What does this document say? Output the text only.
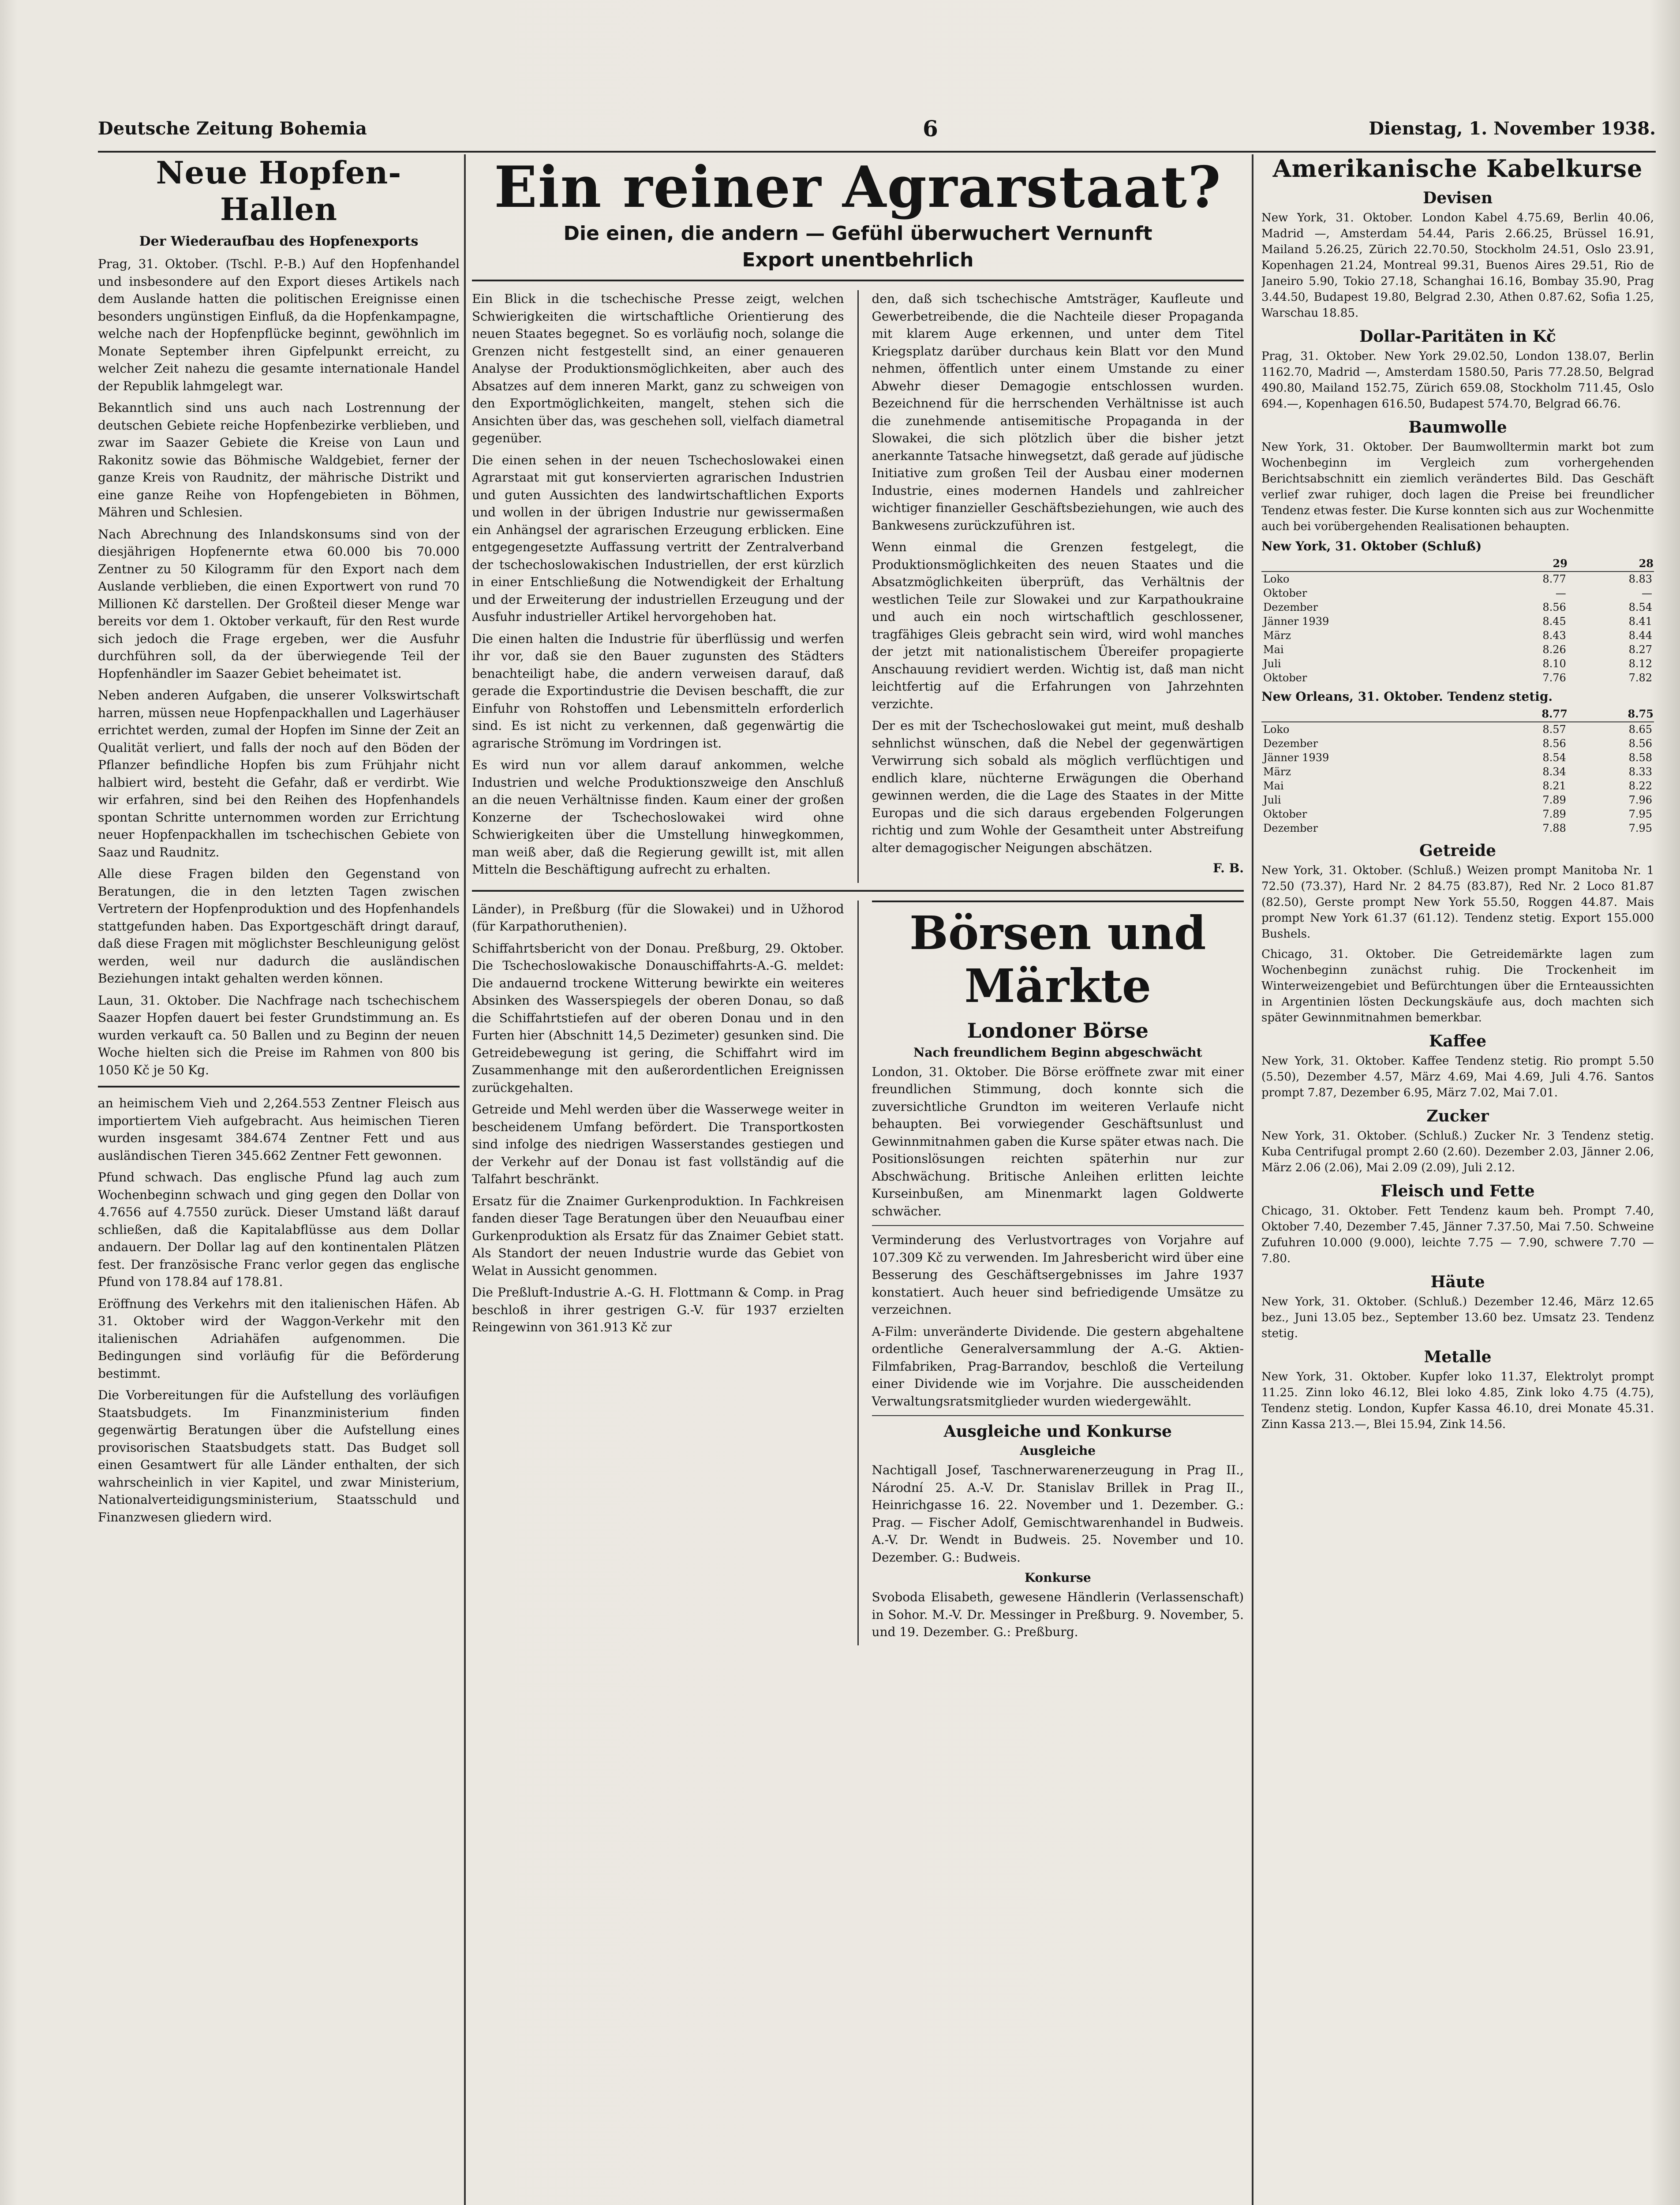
Deutsche Zeitung Bohemia	6	Dienstag, 1. November 1938.
Neue Hopfen-Hallen
Der Wiederaufbau des Hopfenexports

Prag, 31. Oktober. (Tschl. P.-B.) Auf den Hopfenhandel und insbesondere auf den Export dieses Artikels nach dem Auslande hatten die politischen Ereignisse einen besonders ungünstigen Einfluß, da die Hopfenkampagne, welche nach der Hopfenpflücke beginnt, gewöhnlich im Monate September ihren Gipfelpunkt erreicht, zu welcher Zeit nahezu die gesamte internationale Handel der Republik lahmgelegt war.

Bekanntlich sind uns auch nach Lostrennung der deutschen Gebiete reiche Hopfenbezirke verblieben, und zwar im Saazer Gebiete die Kreise von Laun und Rakonitz sowie das Böhmische Waldgebiet, ferner der ganze Kreis von Raudnitz, der mährische Distrikt und eine ganze Reihe von Hopfengebieten in Böhmen, Mähren und Schlesien.

Nach Abrechnung des Inlandskonsums sind von der diesjährigen Hopfenernte etwa 60.000 bis 70.000 Zentner zu 50 Kilogramm für den Export nach dem Auslande verblieben, die einen Exportwert von rund 70 Millionen Kč darstellen. Der Großteil dieser Menge war bereits vor dem 1. Oktober verkauft, für den Rest wurde sich jedoch die Frage ergeben, wer die Ausfuhr durchführen soll, da der überwiegende Teil der Hopfenhändler im Saazer Gebiet beheimatet ist.

Neben anderen Aufgaben, die unserer Volkswirtschaft harren, müssen neue Hopfenpackhallen und Lagerhäuser errichtet werden, zumal der Hopfen im Sinne der Zeit an Qualität verliert, und falls der noch auf den Böden der Pflanzer befindliche Hopfen bis zum Frühjahr nicht halbiert wird, besteht die Gefahr, daß er verdirbt. Wie wir erfahren, sind bei den Reihen des Hopfenhandels spontan Schritte unternommen worden zur Errichtung neuer Hopfenpackhallen im tschechischen Gebiete von Saaz und Raudnitz.

Alle diese Fragen bilden den Gegenstand von Beratungen, die in den letzten Tagen zwischen Vertretern der Hopfenproduktion und des Hopfenhandels stattgefunden haben. Das Exportgeschäft dringt darauf, daß diese Fragen mit möglichster Beschleunigung gelöst werden, weil nur dadurch die ausländischen Beziehungen intakt gehalten werden können.

Laun, 31. Oktober. Die Nachfrage nach tschechischem Saazer Hopfen dauert bei fester Grundstimmung an. Es wurden verkauft ca. 50 Ballen und zu Beginn der neuen Woche hielten sich die Preise im Rahmen von 800 bis 1050 Kč je 50 Kg.

an heimischem Vieh und 2,264.553 Zentner Fleisch aus importiertem Vieh aufgebracht. Aus heimischen Tieren wurden insgesamt 384.674 Zentner Fett und aus ausländischen Tieren 345.662 Zentner Fett gewonnen.

Pfund schwach. Das englische Pfund lag auch zum Wochenbeginn schwach und ging gegen den Dollar von 4.7656 auf 4.7550 zurück. Dieser Umstand läßt darauf schließen, daß die Kapitalabflüsse aus dem Dollar andauern. Der Dollar lag auf den kontinentalen Plätzen fest. Der französische Franc verlor gegen das englische Pfund von 178.84 auf 178.81.

Eröffnung des Verkehrs mit den italienischen Häfen. Ab 31. Oktober wird der Waggon-Verkehr mit den italienischen Adriahäfen aufgenommen. Die Bedingungen sind vorläufig für die Beförderung bestimmt.

Die Vorbereitungen für die Aufstellung des vorläufigen Staatsbudgets. Im Finanzministerium finden gegenwärtig Beratungen über die Aufstellung eines provisorischen Staatsbudgets statt. Das Budget soll einen Gesamtwert für alle Länder enthalten, der sich wahrscheinlich in vier Kapitel, und zwar Ministerium, Nationalverteidigungsministerium, Staatsschuld und Finanzwesen gliedern wird.

Ein reiner Agrarstaat?
Die einen, die andern — Gefühl überwuchert Vernunft
Export unentbehrlich

Ein Blick in die tschechische Presse zeigt, welchen Schwierigkeiten die wirtschaftliche Orientierung des neuen Staates begegnet. So es vorläufig noch, solange die Grenzen nicht festgestellt sind, an einer genaueren Analyse der Produktionsmöglichkeiten, aber auch des Absatzes auf dem inneren Markt, ganz zu schweigen von den Exportmöglichkeiten, mangelt, stehen sich die Ansichten über das, was geschehen soll, vielfach diametral gegenüber.

Die einen sehen in der neuen Tschechoslowakei einen Agrarstaat mit gut konservierten agrarischen Industrien und guten Aussichten des landwirtschaftlichen Exports und wollen in der übrigen Industrie nur gewissermaßen ein Anhängsel der agrarischen Erzeugung erblicken. Eine entgegengesetzte Auffassung vertritt der Zentralverband der tschechoslowakischen Industriellen, der erst kürzlich in einer Entschließung die Notwendigkeit der Erhaltung und der Erweiterung der industriellen Erzeugung und der Ausfuhr industrieller Artikel hervorgehoben hat.

Die einen halten die Industrie für überflüssig und werfen ihr vor, daß sie den Bauer zugunsten des Städters benachteiligt habe, die andern verweisen darauf, daß gerade die Exportindustrie die Devisen beschafft, die zur Einfuhr von Rohstoffen und Lebensmitteln erforderlich sind. Es ist nicht zu verkennen, daß gegenwärtig die agrarische Strömung im Vordringen ist.

Es wird nun vor allem darauf ankommen, welche Industrien und welche Produktionszweige den Anschluß an die neuen Verhältnisse finden. Kaum einer der großen Konzerne der Tschechoslowakei wird ohne Schwierigkeiten über die Umstellung hinwegkommen, man weiß aber, daß die Regierung gewillt ist, mit allen Mitteln die Beschäftigung aufrecht zu erhalten.

den, daß sich tschechische Amtsträger, Kaufleute und Gewerbetreibende, die die Nachteile dieser Propaganda mit klarem Auge erkennen, und unter dem Titel Kriegsplatz darüber durchaus kein Blatt vor den Mund nehmen, öffentlich unter einem Umstande zu einer Abwehr dieser Demagogie entschlossen wurden. Bezeichnend für die herrschenden Verhältnisse ist auch die zunehmende antisemitische Propaganda in der Slowakei, die sich plötzlich über die bisher jetzt anerkannte Tatsache hinwegsetzt, daß gerade auf jüdische Initiative zum großen Teil der Ausbau einer modernen Industrie, eines modernen Handels und zahlreicher wichtiger finanzieller Geschäftsbeziehungen, wie auch des Bankwesens zurückzuführen ist.

Wenn einmal die Grenzen festgelegt, die Produktionsmöglichkeiten des neuen Staates und die Absatzmöglichkeiten überprüft, das Verhältnis der westlichen Teile zur Slowakei und zur Karpathoukraine und auch ein noch wirtschaftlich geschlossener, tragfähiges Gleis gebracht sein wird, wird wohl manches der jetzt mit nationalistischem Übereifer propagierte Anschauung revidiert werden. Wichtig ist, daß man nicht leichtfertig auf die Erfahrungen von Jahrzehnten verzichte.

Der es mit der Tschechoslowakei gut meint, muß deshalb sehnlichst wünschen, daß die Nebel der gegenwärtigen Verwirrung sich sobald als möglich verflüchtigen und endlich klare, nüchterne Erwägungen die Oberhand gewinnen werden, die die Lage des Staates in der Mitte Europas und die sich daraus ergebenden Folgerungen richtig und zum Wohle der Gesamtheit unter Abstreifung alter demagogischer Neigungen abschätzen.

F. B.

Länder), in Preßburg (für die Slowakei) und in Užhorod (für Karpathoruthenien).

Schiffahrtsbericht von der Donau. Preßburg, 29. Oktober. Die Tschechoslowakische Donauschiffahrts-A.-G. meldet: Die andauernd trockene Witterung bewirkte ein weiteres Absinken des Wasserspiegels der oberen Donau, so daß die Schiffahrtstiefen auf der oberen Donau und in den Furten hier (Abschnitt 14,5 Dezimeter) gesunken sind. Die Getreidebewegung ist gering, die Schiffahrt wird im Zusammenhange mit den außerordentlichen Ereignissen zurückgehalten.

Getreide und Mehl werden über die Wasserwege weiter in bescheidenem Umfang befördert. Die Transportkosten sind infolge des niedrigen Wasserstandes gestiegen und der Verkehr auf der Donau ist fast vollständig auf die Talfahrt beschränkt.

Ersatz für die Znaimer Gurkenproduktion. In Fachkreisen fanden dieser Tage Beratungen über den Neuaufbau einer Gurkenproduktion als Ersatz für das Znaimer Gebiet statt. Als Standort der neuen Industrie wurde das Gebiet von Welat in Aussicht genommen.

Die Preßluft-Industrie A.-G. H. Flottmann & Comp. in Prag beschloß in ihrer gestrigen G.-V. für 1937 erzielten Reingewinn von 361.913 Kč zur

Börsen und Märkte
Londoner Börse
Nach freundlichem Beginn abgeschwächt

London, 31. Oktober. Die Börse eröffnete zwar mit einer freundlichen Stimmung, doch konnte sich die zuversichtliche Grundton im weiteren Verlaufe nicht behaupten. Bei vorwiegender Geschäftsunlust und Gewinnmitnahmen gaben die Kurse später etwas nach. Die Positionslösungen reichten späterhin nur zur Abschwächung. Britische Anleihen erlitten leichte Kurseinbußen, am Minenmarkt lagen Goldwerte schwächer.

Verminderung des Verlustvortrages von Vorjahre auf 107.309 Kč zu verwenden. Im Jahresbericht wird über eine Besserung des Geschäftsergebnisses im Jahre 1937 konstatiert. Auch heuer sind befriedigende Umsätze zu verzeichnen.

A-Film: unveränderte Dividende. Die gestern abgehaltene ordentliche Generalversammlung der A.-G. Aktien-Filmfabriken, Prag-Barrandov, beschloß die Verteilung einer Dividende wie im Vorjahre. Die ausscheidenden Verwaltungsratsmitglieder wurden wiedergewählt.

Ausgleiche und Konkurse
Ausgleiche

Nachtigall Josef, Taschnerwarenerzeugung in Prag II., Národní 25. A.-V. Dr. Stanislav Brillek in Prag II., Heinrichgasse 16. 22. November und 1. Dezember. G.: Prag. — Fischer Adolf, Gemischtwarenhandel in Budweis. A.-V. Dr. Wendt in Budweis. 25. November und 10. Dezember. G.: Budweis.

Konkurse

Svoboda Elisabeth, gewesene Händlerin (Verlassenschaft) in Sohor. M.-V. Dr. Messinger in Preßburg. 9. November, 5. und 19. Dezember. G.: Preßburg.

Amerikanische Kabelkurse
Devisen

New York, 31. Oktober. London Kabel 4.75.69, Berlin 40.06, Madrid —, Amsterdam 54.44, Paris 2.66.25, Brüssel 16.91, Mailand 5.26.25, Zürich 22.70.50, Stockholm 24.51, Oslo 23.91, Kopenhagen 21.24, Montreal 99.31, Buenos Aires 29.51, Rio de Janeiro 5.90, Tokio 27.18, Schanghai 16.16, Bombay 35.90, Prag 3.44.50, Budapest 19.80, Belgrad 2.30, Athen 0.87.62, Sofia 1.25, Warschau 18.85.

Dollar-Paritäten in Kč

Prag, 31. Oktober. New York 29.02.50, London 138.07, Berlin 1162.70, Madrid —, Amsterdam 1580.50, Paris 77.28.50, Belgrad 490.80, Mailand 152.75, Zürich 659.08, Stockholm 711.45, Oslo 694.—, Kopenhagen 616.50, Budapest 574.70, Belgrad 66.76.

Baumwolle

New York, 31. Oktober. Der Baumwolltermin markt bot zum Wochenbeginn im Vergleich zum vorhergehenden Berichtsabschnitt ein ziemlich verändertes Bild. Das Geschäft verlief zwar ruhiger, doch lagen die Preise bei freundlicher Tendenz etwas fester. Die Kurse konnten sich aus zur Wochenmitte auch bei vorübergehenden Realisationen behaupten.

New York, 31. Oktober (Schluß)
	29	28
Loko	8.77	8.83
Oktober	—	—
Dezember	8.56	8.54
Jänner 1939	8.45	8.41
März	8.43	8.44
Mai	8.26	8.27
Juli	8.10	8.12
Oktober	7.76	7.82
New Orleans, 31. Oktober. Tendenz stetig.
	8.77	8.75
Loko	8.57	8.65
Dezember	8.56	8.56
Jänner 1939	8.54	8.58
März	8.34	8.33
Mai	8.21	8.22
Juli	7.89	7.96
Oktober	7.89	7.95
Dezember	7.88	7.95
Getreide

New York, 31. Oktober. (Schluß.) Weizen prompt Manitoba Nr. 1 72.50 (73.37), Hard Nr. 2 84.75 (83.87), Red Nr. 2 Loco 81.87 (82.50), Gerste prompt New York 55.50, Roggen 44.87. Mais prompt New York 61.37 (61.12). Tendenz stetig. Export 155.000 Bushels.

Chicago, 31. Oktober. Die Getreidemärkte lagen zum Wochenbeginn zunächst ruhig. Die Trockenheit im Winterweizengebiet und Befürchtungen über die Ernteaussichten in Argentinien lösten Deckungskäufe aus, doch machten sich später Gewinnmitnahmen bemerkbar.

Kaffee

New York, 31. Oktober. Kaffee Tendenz stetig. Rio prompt 5.50 (5.50), Dezember 4.57, März 4.69, Mai 4.69, Juli 4.76. Santos prompt 7.87, Dezember 6.95, März 7.02, Mai 7.01.

Zucker

New York, 31. Oktober. (Schluß.) Zucker Nr. 3 Tendenz stetig. Kuba Centrifugal prompt 2.60 (2.60). Dezember 2.03, Jänner 2.06, März 2.06 (2.06), Mai 2.09 (2.09), Juli 2.12.

Fleisch und Fette

Chicago, 31. Oktober. Fett Tendenz kaum beh. Prompt 7.40, Oktober 7.40, Dezember 7.45, Jänner 7.37.50, Mai 7.50. Schweine Zufuhren 10.000 (9.000), leichte 7.75 — 7.90, schwere 7.70 — 7.80.

Häute

New York, 31. Oktober. (Schluß.) Dezember 12.46, März 12.65 bez., Juni 13.05 bez., September 13.60 bez. Umsatz 23. Tendenz stetig.

Metalle

New York, 31. Oktober. Kupfer loko 11.37, Elektrolyt prompt 11.25. Zinn loko 46.12, Blei loko 4.85, Zink loko 4.75 (4.75), Tendenz stetig. London, Kupfer Kassa 46.10, drei Monate 45.31. Zinn Kassa 213.—, Blei 15.94, Zink 14.56.
